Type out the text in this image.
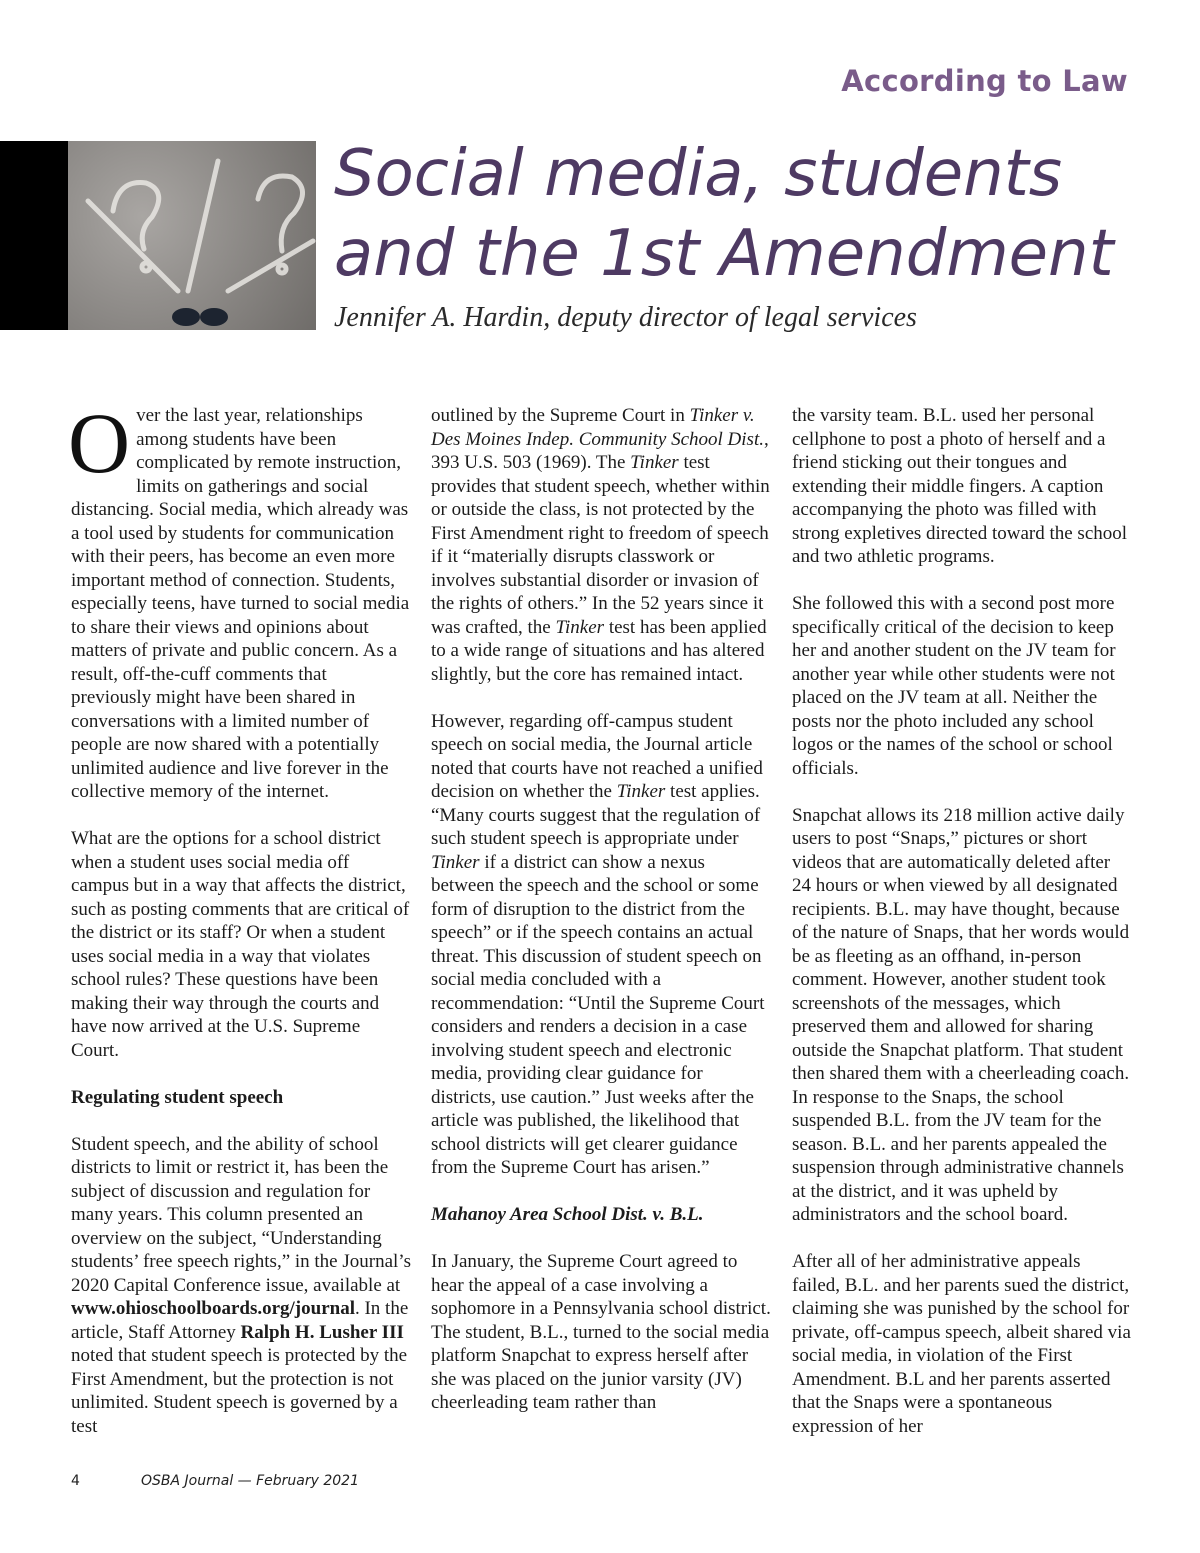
According to Law
Social media, students
and the 1st Amendment
Jennifer A. Hardin, deputy director of legal services

Over the last year, relationships among students have been complicated by remote instruction, limits on gatherings and social distancing. Social media, which already was a tool used by students for communication with their peers, has become an even more important method of connection. Students, especially teens, have turned to social media to share their views and opinions about matters of private and public concern. As a result, off-the-cuff comments that previously might have been shared in conversations with a limited number of people are now shared with a potentially unlimited audience and live forever in the collective memory of the internet.

What are the options for a school district when a student uses social media off campus but in a way that affects the district, such as posting comments that are critical of the district or its staff? Or when a student uses social media in a way that violates school rules? These questions have been making their way through the courts and have now arrived at the U.S. Supreme Court.

Regulating student speech

Student speech, and the ability of school districts to limit or restrict it, has been the subject of discussion and regulation for many years. This column presented an overview on the subject, “Understanding students’ free speech rights,” in the Journal’s 2020 Capital Conference issue, available at www.ohioschoolboards.org/journal. In the article, Staff Attorney Ralph H. Lusher III noted that student speech is protected by the First Amendment, but the protection is not unlimited. Student speech is governed by a test

outlined by the Supreme Court in Tinker v. Des Moines Indep. Community School Dist., 393 U.S. 503 (1969). The Tinker test provides that student speech, whether within or outside the class, is not protected by the First Amendment right to freedom of speech if it “materially disrupts classwork or involves substantial disorder or invasion of the rights of others.” In the 52 years since it was crafted, the Tinker test has been applied to a wide range of situations and has altered slightly, but the core has remained intact.

However, regarding off-campus student speech on social media, the Journal article noted that courts have not reached a unified decision on whether the Tinker test applies. “Many courts suggest that the regulation of such student speech is appropriate under Tinker if a district can show a nexus between the speech and the school or some form of disruption to the district from the speech” or if the speech contains an actual threat. This discussion of student speech on social media concluded with a recommendation: “Until the Supreme Court considers and renders a decision in a case involving student speech and electronic media, providing clear guidance for districts, use caution.” Just weeks after the article was published, the likelihood that school districts will get clearer guidance from the Supreme Court has arisen.”

Mahanoy Area School Dist. v. B.L.

In January, the Supreme Court agreed to hear the appeal of a case involving a sophomore in a Pennsylvania school district. The student, B.L., turned to the social media platform Snapchat to express herself after she was placed on the junior varsity (JV) cheerleading team rather than

the varsity team. B.L. used her personal cellphone to post a photo of herself and a friend sticking out their tongues and extending their middle fingers. A caption accompanying the photo was filled with strong expletives directed toward the school and two athletic programs.

She followed this with a second post more specifically critical of the decision to keep her and another student on the JV team for another year while other students were not placed on the JV team at all. Neither the posts nor the photo included any school logos or the names of the school or school officials.

Snapchat allows its 218 million active daily users to post “Snaps,” pictures or short videos that are automatically deleted after 24 hours or when viewed by all designated recipients. B.L. may have thought, because of the nature of Snaps, that her words would be as fleeting as an offhand, in-person comment. However, another student took screenshots of the messages, which preserved them and allowed for sharing outside the Snapchat platform. That student then shared them with a cheerleading coach. In response to the Snaps, the school suspended B.L. from the JV team for the season. B.L. and her parents appealed the suspension through administrative channels at the district, and it was upheld by administrators and the school board.

After all of her administrative appeals failed, B.L. and her parents sued the district, claiming she was punished by the school for private, off-campus speech, albeit shared via social media, in violation of the First Amendment. B.L and her parents asserted that the Snaps were a spontaneous expression of her

4	OSBA Journal — February 2021
